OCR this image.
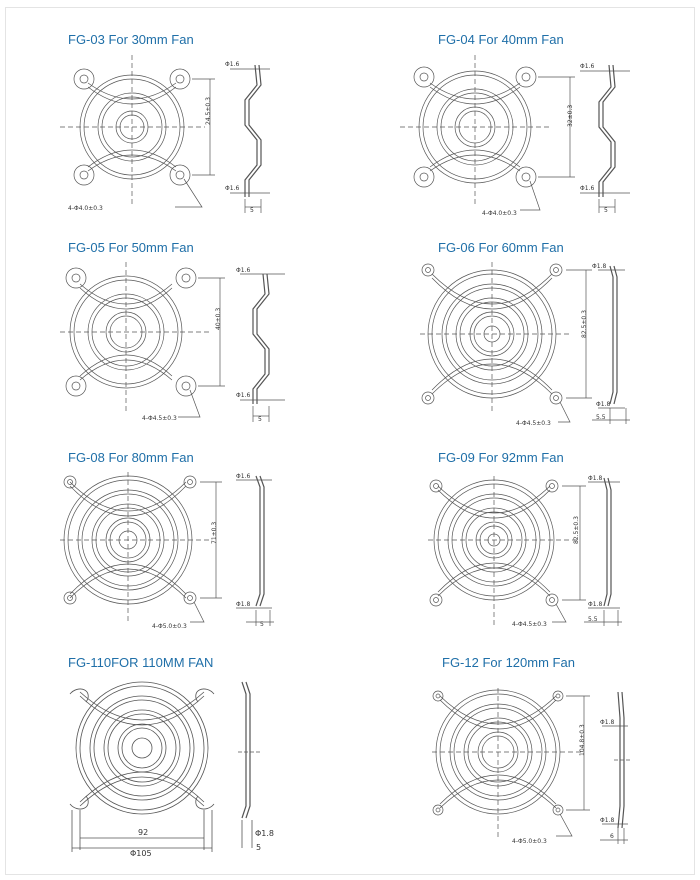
FG-03 For 30mm Fan
4-Φ4.0±0.3
24.5±0.3
Φ1.6
Φ1.6
5
FG-04 For 40mm Fan
4-Φ4.0±0.3
32±0.3
Φ1.6
Φ1.6
5
FG-05 For 50mm Fan
4-Φ4.5±0.3
40±0.3
Φ1.6
Φ1.6
5
FG-06 For 60mm Fan
4-Φ4.5±0.3
82.5±0.3
Φ1.8
Φ1.8
5.5
FG-08 For 80mm Fan
4-Φ5.0±0.3
71±0.3
Φ1.6
Φ1.8
5
FG-09 For 92mm Fan
4-Φ4.5±0.3
82.5±0.3
Φ1.8
Φ1.8
5.5
FG-110FOR 110MM FAN
92
Φ105
Φ1.8
5
FG-12 For 120mm Fan
4-Φ5.0±0.3
104.8±0.3
Φ1.8
Φ1.8
6
